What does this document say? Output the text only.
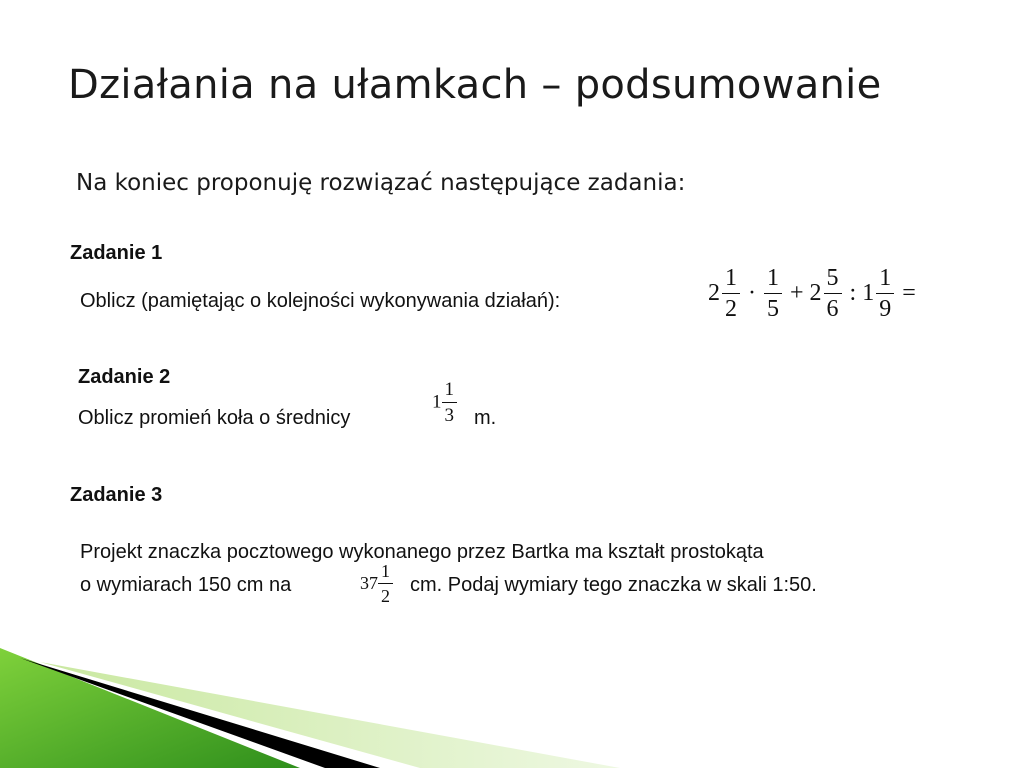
Działania na ułamkach – podsumowanie
Na koniec proponuję rozwiązać następujące zadania:
Zadanie 1
Oblicz (pamiętając o kolejności wykonywania działań):	$2 \frac{1}{2} \cdot \frac{1}{5} + 2 \frac{5}{6}$ : $1 \frac{1}{9}$ =
Zadanie 2
Oblicz promień koła o średnicy
$1 \frac{1}{3} m$.
Zadanie 3
Projekt znaczka pocztowego wykonanego przez Bartka ma kształt prostokąta
o wymiarach 150 cm na	$37 \frac{1}{2}$ cm. Podaj wymiary tego znaczka w skali 1:50.
